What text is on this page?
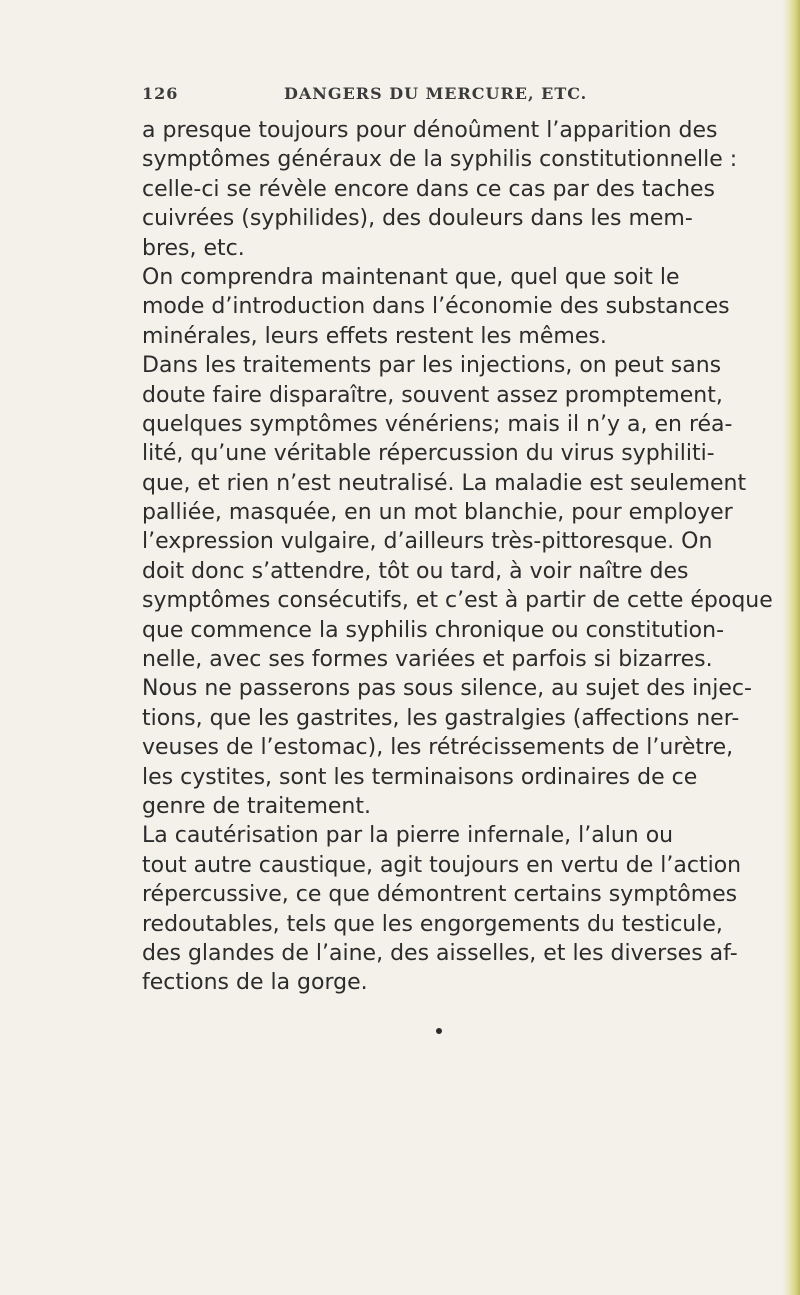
126	DANGERS DU MERCURE, ETC.
a presque toujours pour dénoûment l’apparition des
symptômes généraux de la syphilis constitutionnelle :
celle-ci se révèle encore dans ce cas par des taches
cuivrées (syphilides), des douleurs dans les mem-
bres, etc.
On comprendra maintenant que, quel que soit le
mode d’introduction dans l’économie des substances
minérales, leurs effets restent les mêmes.
Dans les traitements par les injections, on peut sans
doute faire disparaître, souvent assez promptement,
quelques symptômes vénériens; mais il n’y a, en réa-
lité, qu’une véritable répercussion du virus syphiliti-
que, et rien n’est neutralisé. La maladie est seulement
palliée, masquée, en un mot blanchie, pour employer
l’expression vulgaire, d’ailleurs très-pittoresque. On
doit donc s’attendre, tôt ou tard, à voir naître des
symptômes consécutifs, et c’est à partir de cette époque
que commence la syphilis chronique ou constitution-
nelle, avec ses formes variées et parfois si bizarres.
Nous ne passerons pas sous silence, au sujet des injec-
tions, que les gastrites, les gastralgies (affections ner-
veuses de l’estomac), les rétrécissements de l’urètre,
les cystites, sont les terminaisons ordinaires de ce
genre de traitement.
La cautérisation par la pierre infernale, l’alun ou
tout autre caustique, agit toujours en vertu de l’action
répercussive, ce que démontrent certains symptômes
redoutables, tels que les engorgements du testicule,
des glandes de l’aine, des aisselles, et les diverses af-
fections de la gorge.
